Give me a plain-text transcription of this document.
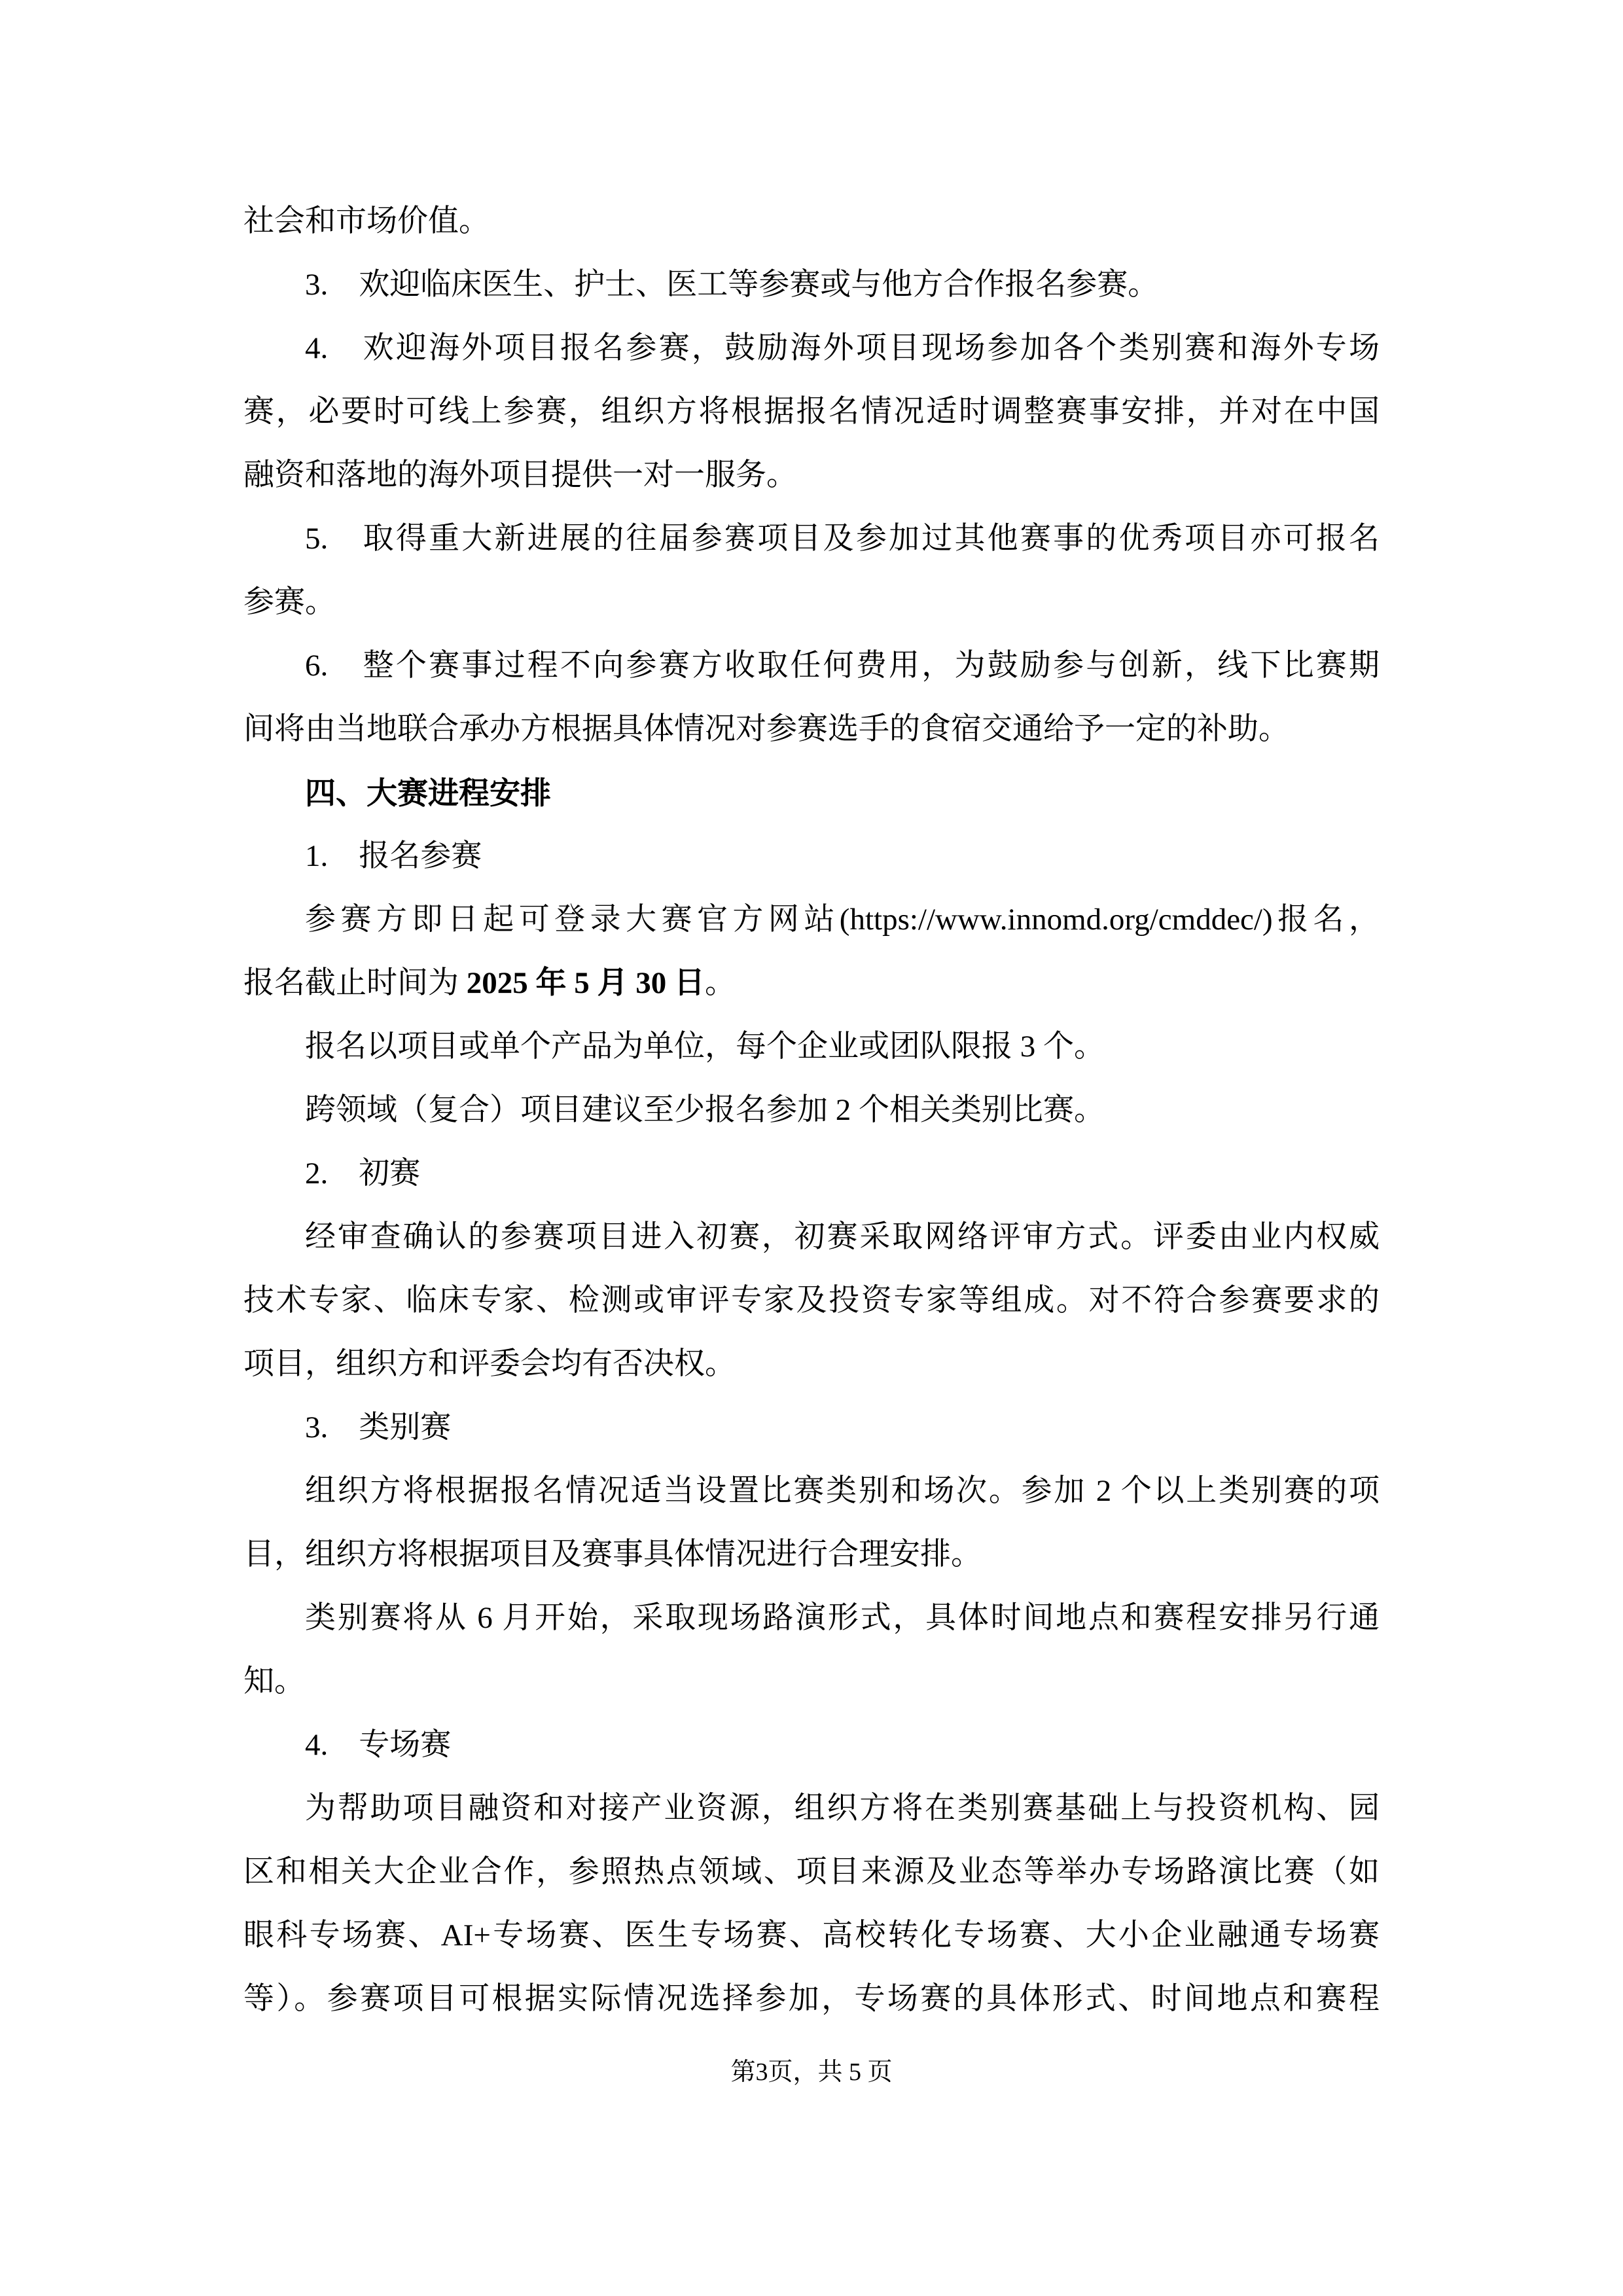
社会和市场价值。
3.　欢迎临床医生、护士、医工等参赛或与他方合作报名参赛。
4.　欢迎海外项目报名参赛，鼓励海外项目现场参加各个类别赛和海外专场
赛，必要时可线上参赛，组织方将根据报名情况适时调整赛事安排，并对在中国
融资和落地的海外项目提供一对一服务。
5.　取得重大新进展的往届参赛项目及参加过其他赛事的优秀项目亦可报名
参赛。
6.　整个赛事过程不向参赛方收取任何费用，为鼓励参与创新，线下比赛期
间将由当地联合承办方根据具体情况对参赛选手的食宿交通给予一定的补助。
四、大赛进程安排
1.　报名参赛
参赛方即日起可登录大赛官方网站(https://www.innomd.org/cmddec/)报名，
报名截止时间为 2025 年 5 月 30 日。
报名以项目或单个产品为单位，每个企业或团队限报 3 个。
跨领域（复合）项目建议至少报名参加 2 个相关类别比赛。
2.　初赛
经审查确认的参赛项目进入初赛，初赛采取网络评审方式。评委由业内权威
技术专家、临床专家、检测或审评专家及投资专家等组成。对不符合参赛要求的
项目，组织方和评委会均有否决权。
3.　类别赛
组织方将根据报名情况适当设置比赛类别和场次。参加 2 个以上类别赛的项
目，组织方将根据项目及赛事具体情况进行合理安排。
类别赛将从 6 月开始，采取现场路演形式，具体时间地点和赛程安排另行通
知。
4.　专场赛
为帮助项目融资和对接产业资源，组织方将在类别赛基础上与投资机构、园
区和相关大企业合作，参照热点领域、项目来源及业态等举办专场路演比赛（如
眼科专场赛、AI+专场赛、医生专场赛、高校转化专场赛、大小企业融通专场赛
等）。参赛项目可根据实际情况选择参加，专场赛的具体形式、时间地点和赛程
第3页，共 5 页
